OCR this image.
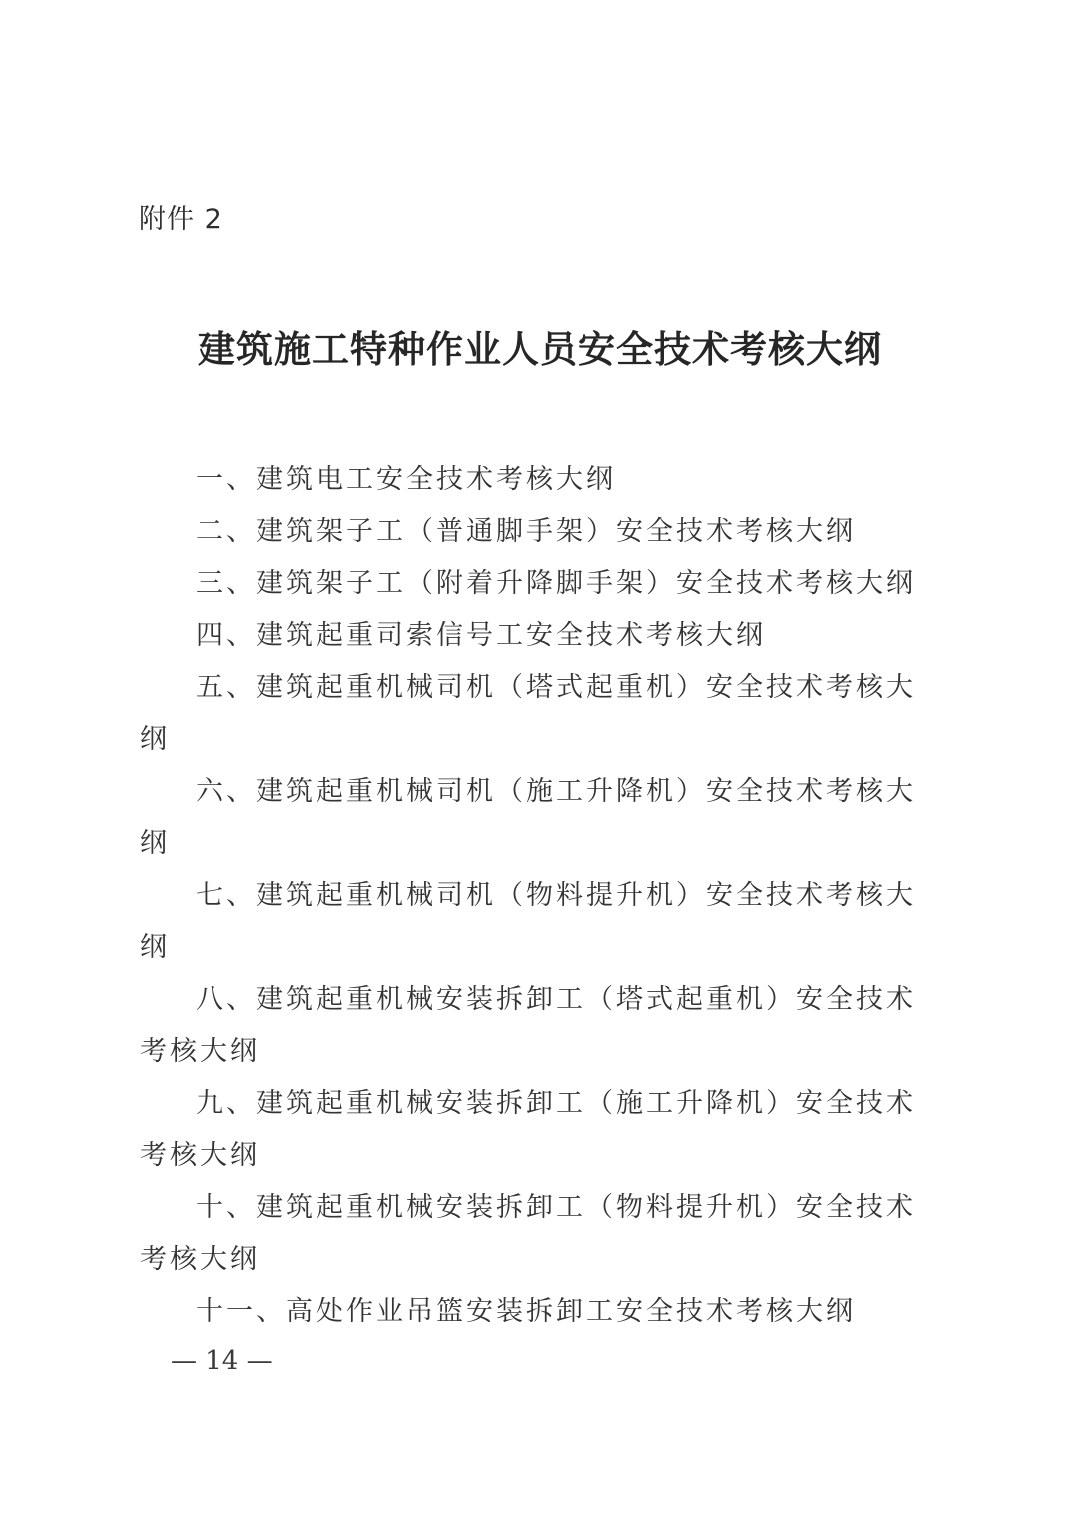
附件 2
建筑施工特种作业人员安全技术考核大纲
一、建筑电工安全技术考核大纲
二、建筑架子工（普通脚手架）安全技术考核大纲
三、建筑架子工（附着升降脚手架）安全技术考核大纲
四、建筑起重司索信号工安全技术考核大纲
五、建筑起重机械司机（塔式起重机）安全技术考核大纲
六、建筑起重机械司机（施工升降机）安全技术考核大纲
七、建筑起重机械司机（物料提升机）安全技术考核大纲
八、建筑起重机械安装拆卸工（塔式起重机）安全技术考核大纲
九、建筑起重机械安装拆卸工（施工升降机）安全技术考核大纲
十、建筑起重机械安装拆卸工（物料提升机）安全技术考核大纲
十一、高处作业吊篮安装拆卸工安全技术考核大纲
— 14 —
